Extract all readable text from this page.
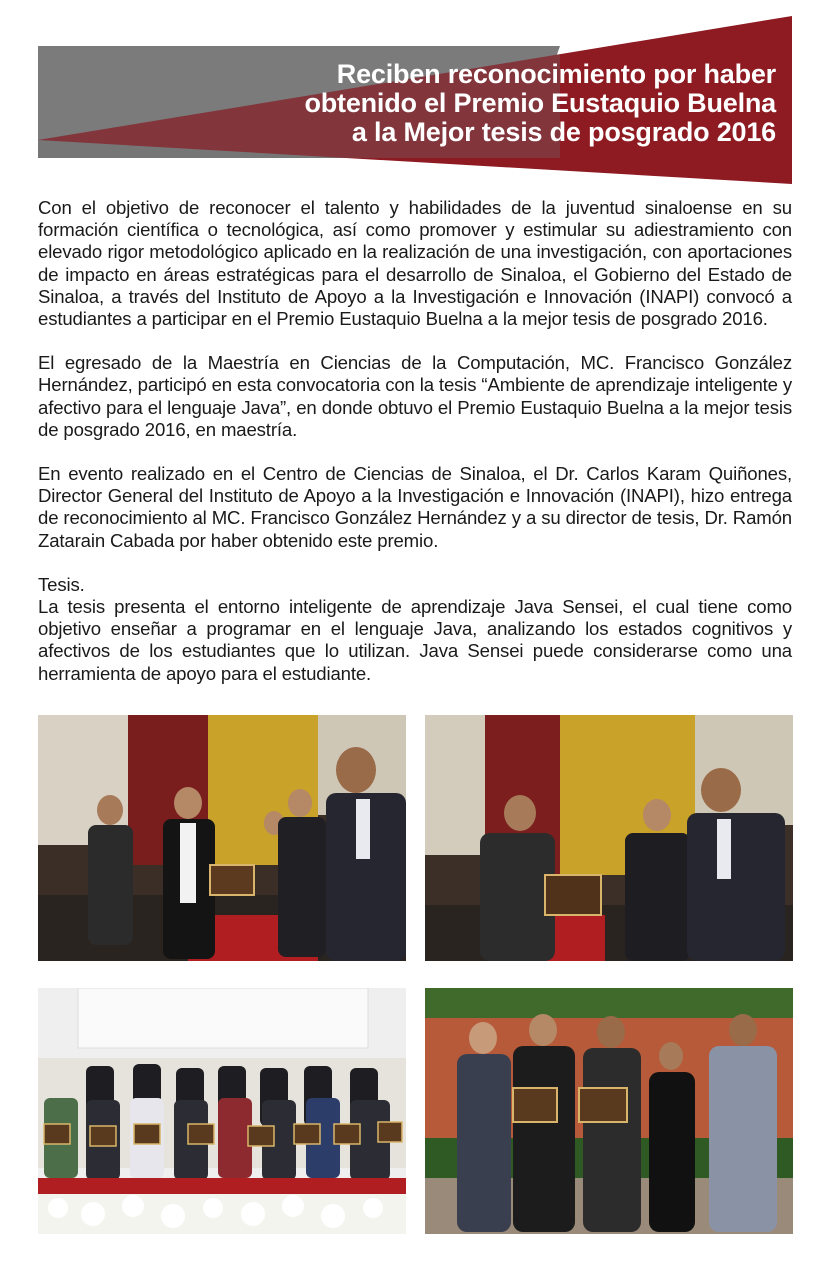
Reciben reconocimiento por haber
obtenido el Premio Eustaquio Buelna
a la Mejor tesis de posgrado 2016

Con el objetivo de reconocer el talento y habilidades de la juventud sinaloense en su formación científica o tecnológica, así como promover y estimular su adiestramiento con elevado rigor metodológico aplicado en la realización de una investigación, con aportaciones de impacto en áreas estratégicas para el desarrollo de Sinaloa, el Gobierno del Estado de Sinaloa, a través del Instituto de Apoyo a la Investigación e Innovación (INAPI) convocó a estudiantes a participar en el Premio Eustaquio Buelna a la mejor tesis de posgrado 2016.

El egresado de la Maestría en Ciencias de la Computación, MC. Francisco González Hernández, participó en esta convocatoria con la tesis “Ambiente de aprendizaje inteligente y afectivo para el lenguaje Java”, en donde obtuvo el Premio Eustaquio Buelna a la mejor tesis de posgrado 2016, en maestría.

En evento realizado en el Centro de Ciencias de Sinaloa, el Dr. Carlos Karam Quiñones, Director General del Instituto de Apoyo a la Investigación e Innovación (INAPI), hizo entrega de reconocimiento al MC. Francisco González Hernández y a su director de tesis, Dr. Ramón Zatarain Cabada por haber obtenido este premio.

Tesis.

La tesis presenta el entorno inteligente de aprendizaje Java Sensei, el cual tiene como objetivo enseñar a programar en el lenguaje Java, analizando los estados cognitivos y afectivos de los estudiantes que lo utilizan. Java Sensei puede considerarse como una herramienta de apoyo para el estudiante.
